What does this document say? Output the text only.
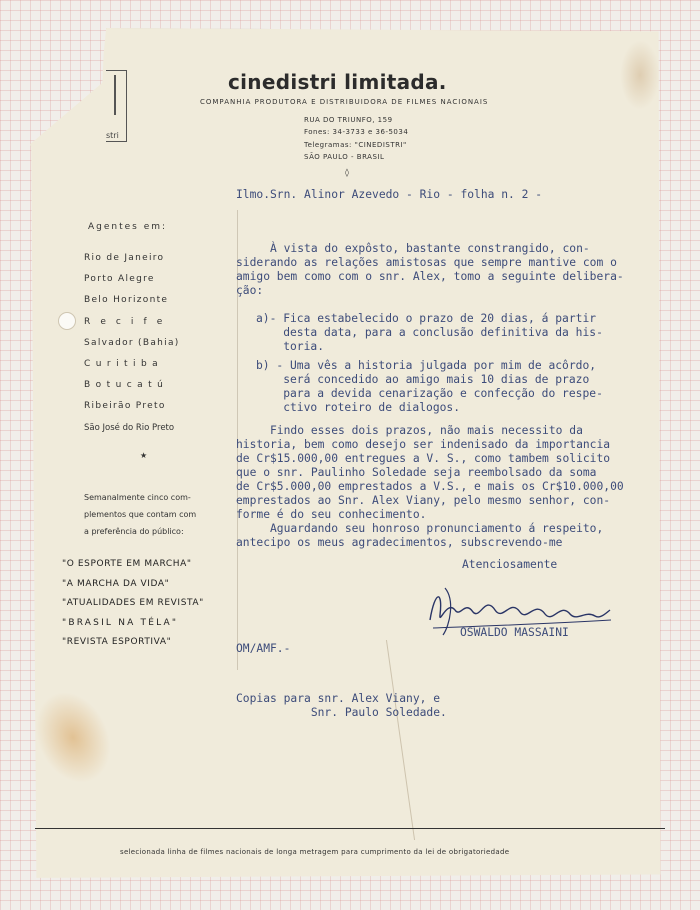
stri
cinedistri limitada.
COMPANHIA PRODUTORA E DISTRIBUIDORA DE FILMES NACIONAIS
RUA DO TRIUNFO, 159
Fones: 34-3733 e 36-5034
Telegramas: "CINEDISTRI"
SÃO PAULO - BRASIL
◊
Agentes em:
Rio de Janeiro
Porto Alegre
Belo Horizonte
R e c i f e
Salvador (Bahia)
C u r i t i b a
B o t u c a t ú
Ribeirão Preto
São José do Rio Preto
★
Semanalmente cinco com-
plementos que contam com
a preferência do público:
"O ESPORTE EM MARCHA"
"A MARCHA DA VIDA"
"ATUALIDADES EM REVISTA"
"BRASIL NA TÉLA"
"REVISTA ESPORTIVA"
Ilmo.Srn. Alinor Azevedo - Rio - folha n. 2 -

À vista do expôsto, bastante constrangido, con-
siderando as relações amistosas que sempre mantive com o
amigo bem como com o snr. Alex, tomo a seguinte delibera-
ção:

a)- Fica estabelecido o prazo de 20 dias, á partir
desta data, para a conclusão definitiva da his-
toria.

b) - Uma vês a historia julgada por mim de acôrdo,
será concedido ao amigo mais 10 dias de prazo
para a devida cenarização e confecção do respe-
ctivo roteiro de dialogos.

Findo esses dois prazos, não mais necessito da
historia, bem como desejo ser indenisado da importancia
de Cr$15.000,00 entregues a V. S., como tambem solicito
que o snr. Paulinho Soledade seja reembolsado da soma
de Cr$5.000,00 emprestados a V.S., e mais os Cr$10.000,00
emprestados ao Snr. Alex Viany, pelo mesmo senhor, con-
forme é do seu conhecimento.

Aguardando seu honroso pronunciamento á respeito,
antecipo os meus agradecimentos, subscrevendo-me
Atenciosamente
OSWALDO MASSAINI
OM/AMF.-

Copias para snr. Alex Viany, e
Snr. Paulo Soledade.
selecionada linha de filmes nacionais de longa metragem para cumprimento da lei de obrigatoriedade
